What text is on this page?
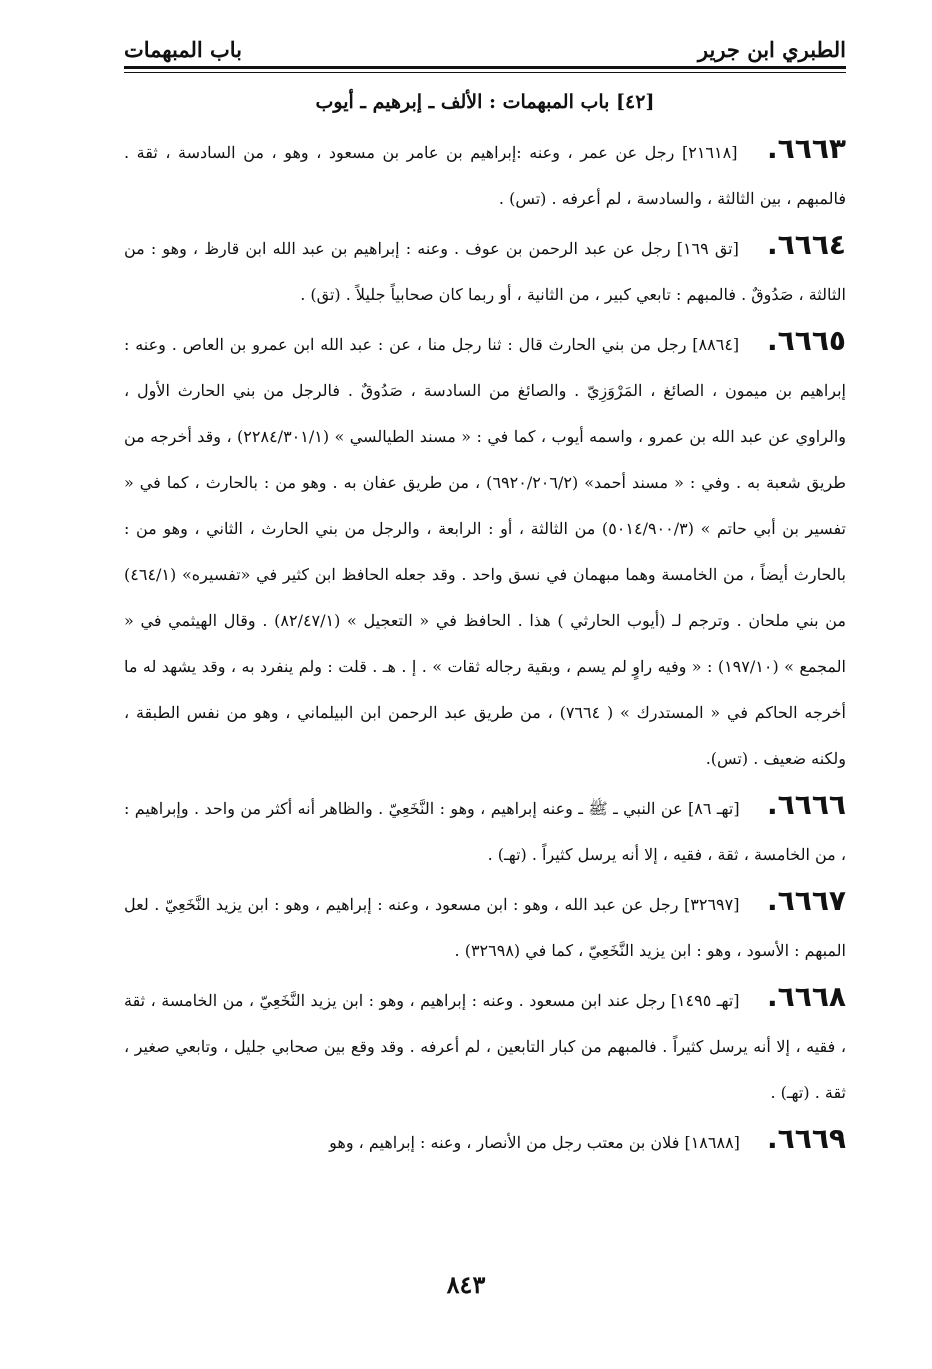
الطبري ابن جرير
باب المبهمات
[٤٢] باب المبهمات : الألف ـ إبرهيم ـ أيوب

٦٦٦٣. [٢١٦١٨] رجل عن عمر ، وعنه :إبراهيم بن عامر بن مسعود ، وهو ، من السادسة ، ثقة . فالمبهم ، بين الثالثة ، والسادسة ، لم أعرفه . (تس) .

٦٦٦٤. [تق ١٦٩] رجل عن عبد الرحمن بن عوف . وعنه : إبراهيم بن عبد الله ابن قارظ ، وهو : من الثالثة ، صَدُوقٌ . فالمبهم : تابعي كبير ، من الثانية ، أو ربما كان صحابياً جليلاً . (تق) .

٦٦٦٥. [٨٨٦٤] رجل من بني الحارث قال : ثنا رجل منا ، عن : عبد الله ابن عمرو بن العاص . وعنه : إبراهيم بن ميمون ، الصائغ ، المَرْوَزِيّ . والصائغ من السادسة ، صَدُوقٌ . فالرجل من بني الحارث الأول ، والراوي عن عبد الله بن عمرو ، واسمه أيوب ، كما في : « مسند الطيالسي » (٢٢٨٤/٣٠١/١) ، وقد أخرجه من طريق شعبة به . وفي : « مسند أحمد» (٦٩٢٠/٢٠٦/٢) ، من طريق عفان به . وهو من : بالحارث ، كما في « تفسير بن أبي حاتم » (٥٠١٤/٩٠٠/٣) من الثالثة ، أو : الرابعة ، والرجل من بني الحارث ، الثاني ، وهو من : بالحارث أيضاً ، من الخامسة وهما مبهمان في نسق واحد . وقد جعله الحافظ ابن كثير في «تفسيره» (٤٦٤/١) من بني ملحان . وترجم لـ (أيوب الحارثي ) هذا . الحافظ في « التعجيل » (٨٢/٤٧/١) . وقال الهيثمي في « المجمع » (١٩٧/١٠) : « وفيه راوٍ لم يسم ، وبقية رجاله ثقات » . إ . هـ . قلت : ولم ينفرد به ، وقد يشهد له ما أخرجه الحاكم في « المستدرك » ( ٧٦٦٤) ، من طريق عبد الرحمن ابن البيلماني ، وهو من نفس الطبقة ، ولكنه ضعيف . (تس).

٦٦٦٦. [تهـ ٨٦] عن النبي ـ ﷺ ـ وعنه إبراهيم ، وهو : النَّخَعِيّ . والظاهر أنه أكثر من واحد . وإبراهيم : ، من الخامسة ، ثقة ، فقيه ، إلا أنه يرسل كثيراً . (تهـ) .

٦٦٦٧. [٣٢٦٩٧] رجل عن عبد الله ، وهو : ابن مسعود ، وعنه : إبراهيم ، وهو : ابن يزيد النَّخَعِيّ . لعل المبهم : الأسود ، وهو : ابن يزيد النَّخَعِيّ ، كما في (٣٢٦٩٨) .

٦٦٦٨. [تهـ ١٤٩٥] رجل عند ابن مسعود . وعنه : إبراهيم ، وهو : ابن يزيد النَّخَعِيّ ، من الخامسة ، ثقة ، فقيه ، إلا أنه يرسل كثيراً . فالمبهم من كبار التابعين ، لم أعرفه . وقد وقع بين صحابي جليل ، وتابعي صغير ، ثقة . (تهـ) .

٦٦٦٩. [١٨٦٨٨] فلان بن معتب رجل من الأنصار ، وعنه : إبراهيم ، وهو

٨٤٣
